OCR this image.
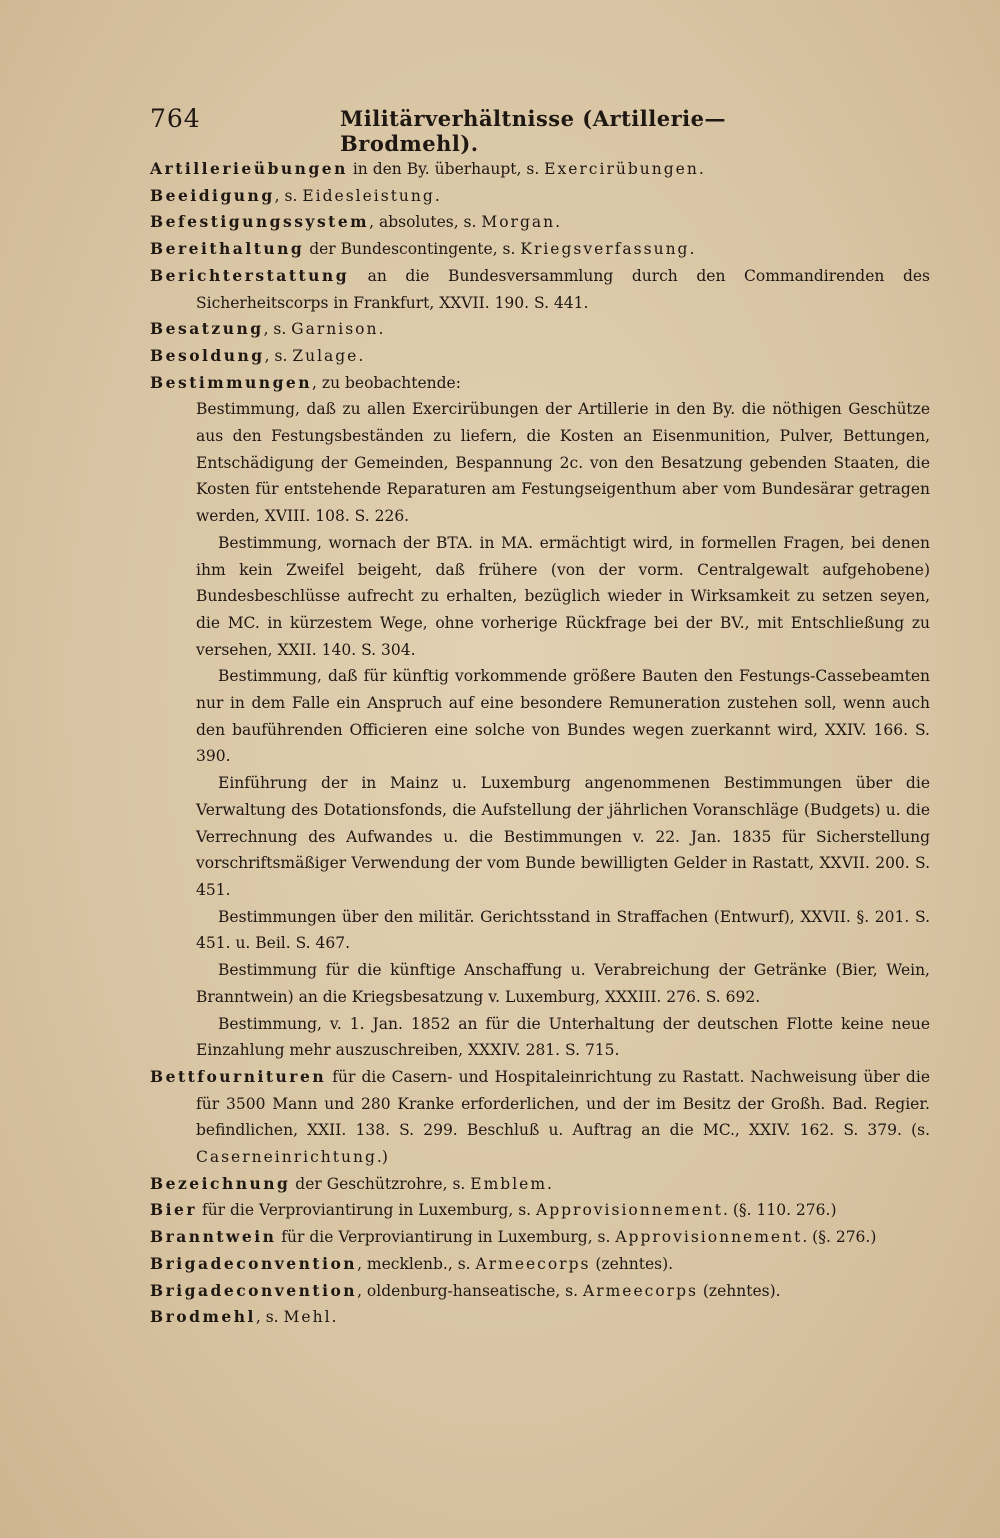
764	Militärverhältnisse (Artillerie—Brodmehl).
Artillerieübungen in den By. überhaupt, s. Exercirübungen.
Beeidigung, s. Eidesleistung.
Befestigungssystem, absolutes, s. Morgan.
Bereithaltung der Bundescontingente, s. Kriegsverfassung.
Berichterstattung an die Bundesversammlung durch den Commandirenden des Sicherheitscorps in Frankfurt, XXVII. 190. S. 441.
Besatzung, s. Garnison.
Besoldung, s. Zulage.
Bestimmungen, zu beobachtende:
Bestimmung, daß zu allen Exercirübungen der Artillerie in den By. die nöthigen Geschütze aus den Festungsbeständen zu liefern, die Kosten an Eisenmunition, Pulver, Bettungen, Entschädigung der Gemeinden, Bespannung 2c. von den Besatzung gebenden Staaten, die Kosten für entstehende Reparaturen am Festungseigenthum aber vom Bundesärar getragen werden, XVIII. 108. S. 226.
Bestimmung, wornach der BTA. in MA. ermächtigt wird, in formellen Fragen, bei denen ihm kein Zweifel beigeht, daß frühere (von der vorm. Centralgewalt aufgehobene) Bundesbeschlüsse aufrecht zu erhalten, bezüglich wieder in Wirksamkeit zu setzen seyen, die MC. in kürzestem Wege, ohne vorherige Rückfrage bei der BV., mit Entschließung zu versehen, XXII. 140. S. 304.
Bestimmung, daß für künftig vorkommende größere Bauten den Festungs-Cassebeamten nur in dem Falle ein Anspruch auf eine besondere Remuneration zustehen soll, wenn auch den bauführenden Officieren eine solche von Bundes wegen zuerkannt wird, XXIV. 166. S. 390.
Einführung der in Mainz u. Luxemburg angenommenen Bestimmungen über die Verwaltung des Dotationsfonds, die Aufstellung der jährlichen Voranschläge (Budgets) u. die Verrechnung des Aufwandes u. die Bestimmungen v. 22. Jan. 1835 für Sicherstellung vorschriftsmäßiger Verwendung der vom Bunde bewilligten Gelder in Rastatt, XXVII. 200. S. 451.
Bestimmungen über den militär. Gerichtsstand in Straffachen (Entwurf), XXVII. §. 201. S. 451. u. Beil. S. 467.
Bestimmung für die künftige Anschaffung u. Verabreichung der Getränke (Bier, Wein, Branntwein) an die Kriegsbesatzung v. Luxemburg, XXXIII. 276. S. 692.
Bestimmung, v. 1. Jan. 1852 an für die Unterhaltung der deutschen Flotte keine neue Einzahlung mehr auszuschreiben, XXXIV. 281. S. 715.
Bettfournituren für die Casern- und Hospitaleinrichtung zu Rastatt. Nachweisung über die für 3500 Mann und 280 Kranke erforderlichen, und der im Besitz der Großh. Bad. Regier. befindlichen, XXII. 138. S. 299. Beschluß u. Auftrag an die MC., XXIV. 162. S. 379. (s. Caserneinrichtung.)
Bezeichnung der Geschützrohre, s. Emblem.
Bier für die Verproviantirung in Luxemburg, s. Approvisionnement. (§. 110. 276.)
Branntwein für die Verproviantirung in Luxemburg, s. Approvisionnement. (§. 276.)
Brigadeconvention, mecklenb., s. Armeecorps (zehntes).
Brigadeconvention, oldenburg-hanseatische, s. Armeecorps (zehntes).
Brodmehl, s. Mehl.
